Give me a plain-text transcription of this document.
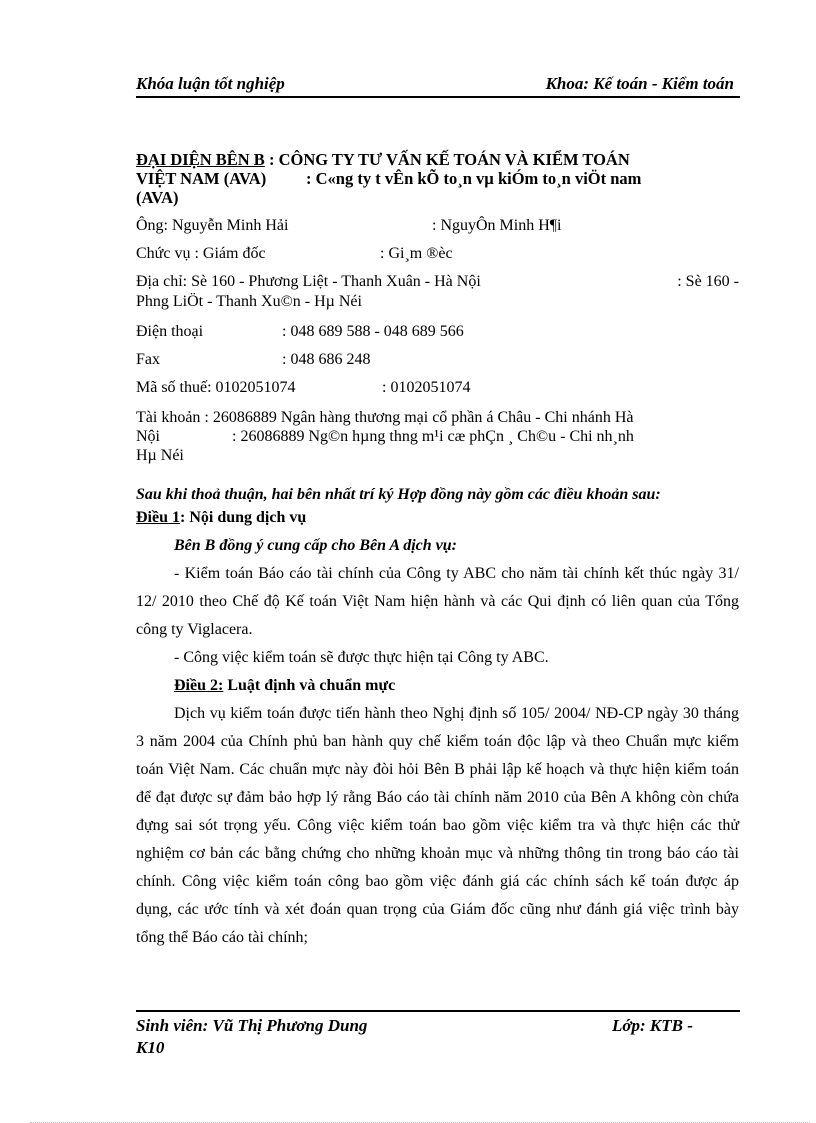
Khóa luận tốt nghiệp	Khoa: Kế toán - Kiểm toán
ĐẠI DIỆN BÊN B : CÔNG TY TƯ VẤN KẾ TOÁN VÀ KIỂM TOÁN
VIỆT NAM (AVA) : C«ng ty t vÊn kÕ to¸n vµ kiÓm to¸n viÖt nam
(AVA)
Ông: Nguyễn Minh Hải	: NguyÔn Minh H¶i
Chức vụ : Giám đốc	: Gi¸m ®èc
Địa chỉ: Sè 160 - Phương Liệt - Thanh Xuân - Hà Nội	: Sè 160 -
Phng LiÖt - Thanh Xu©n - Hµ Néi
Điện thoại	: 048 689 588 - 048 689 566
Fax	: 048 686 248
Mã số thuế: 0102051074	: 0102051074
Tài khoản : 26086889 Ngân hàng thương mại cổ phần á Châu - Chi nhánh Hà
Nội	: 26086889 Ng©n hµng thng m¹i cæ phÇn ¸ Ch©u - Chi nh¸nh
Hµ Néi
Sau khi thoả thuận, hai bên nhất trí ký Hợp đồng này gồm các điều khoản sau:
Điều 1: Nội dung dịch vụ
Bên B đồng ý cung cấp cho Bên A dịch vụ:
- Kiểm toán Báo cáo tài chính của Công ty ABC cho năm tài chính kết thúc ngày 31/ 12/ 2010 theo Chế độ Kế toán Việt Nam hiện hành và các Qui định có liên quan của Tổng công ty Viglacera.
- Công việc kiểm toán sẽ được thực hiện tại Công ty ABC.
Điều 2: Luật định và chuẩn mực
Dịch vụ kiểm toán được tiến hành theo Nghị định số 105/ 2004/ NĐ-CP ngày 30 tháng 3 năm 2004 của Chính phủ ban hành quy chế kiểm toán độc lập và theo Chuẩn mực kiểm toán Việt Nam. Các chuẩn mực này đòi hỏi Bên B phải lập kế hoạch và thực hiện kiểm toán để đạt được sự đảm bảo hợp lý rằng Báo cáo tài chính năm 2010 của Bên A không còn chứa đựng sai sót trọng yếu. Công việc kiểm toán bao gồm việc kiểm tra và thực hiện các thử nghiệm cơ bản các bằng chứng cho những khoản mục và những thông tin trong báo cáo tài chính. Công việc kiểm toán công bao gồm việc đánh giá các chính sách kế toán được áp dụng, các ước tính và xét đoán quan trọng của Giám đốc cũng như đánh giá việc trình bày tổng thể Báo cáo tài chính;
Sinh viên: Vũ Thị Phương Dung	Lớp: KTB -
K10
